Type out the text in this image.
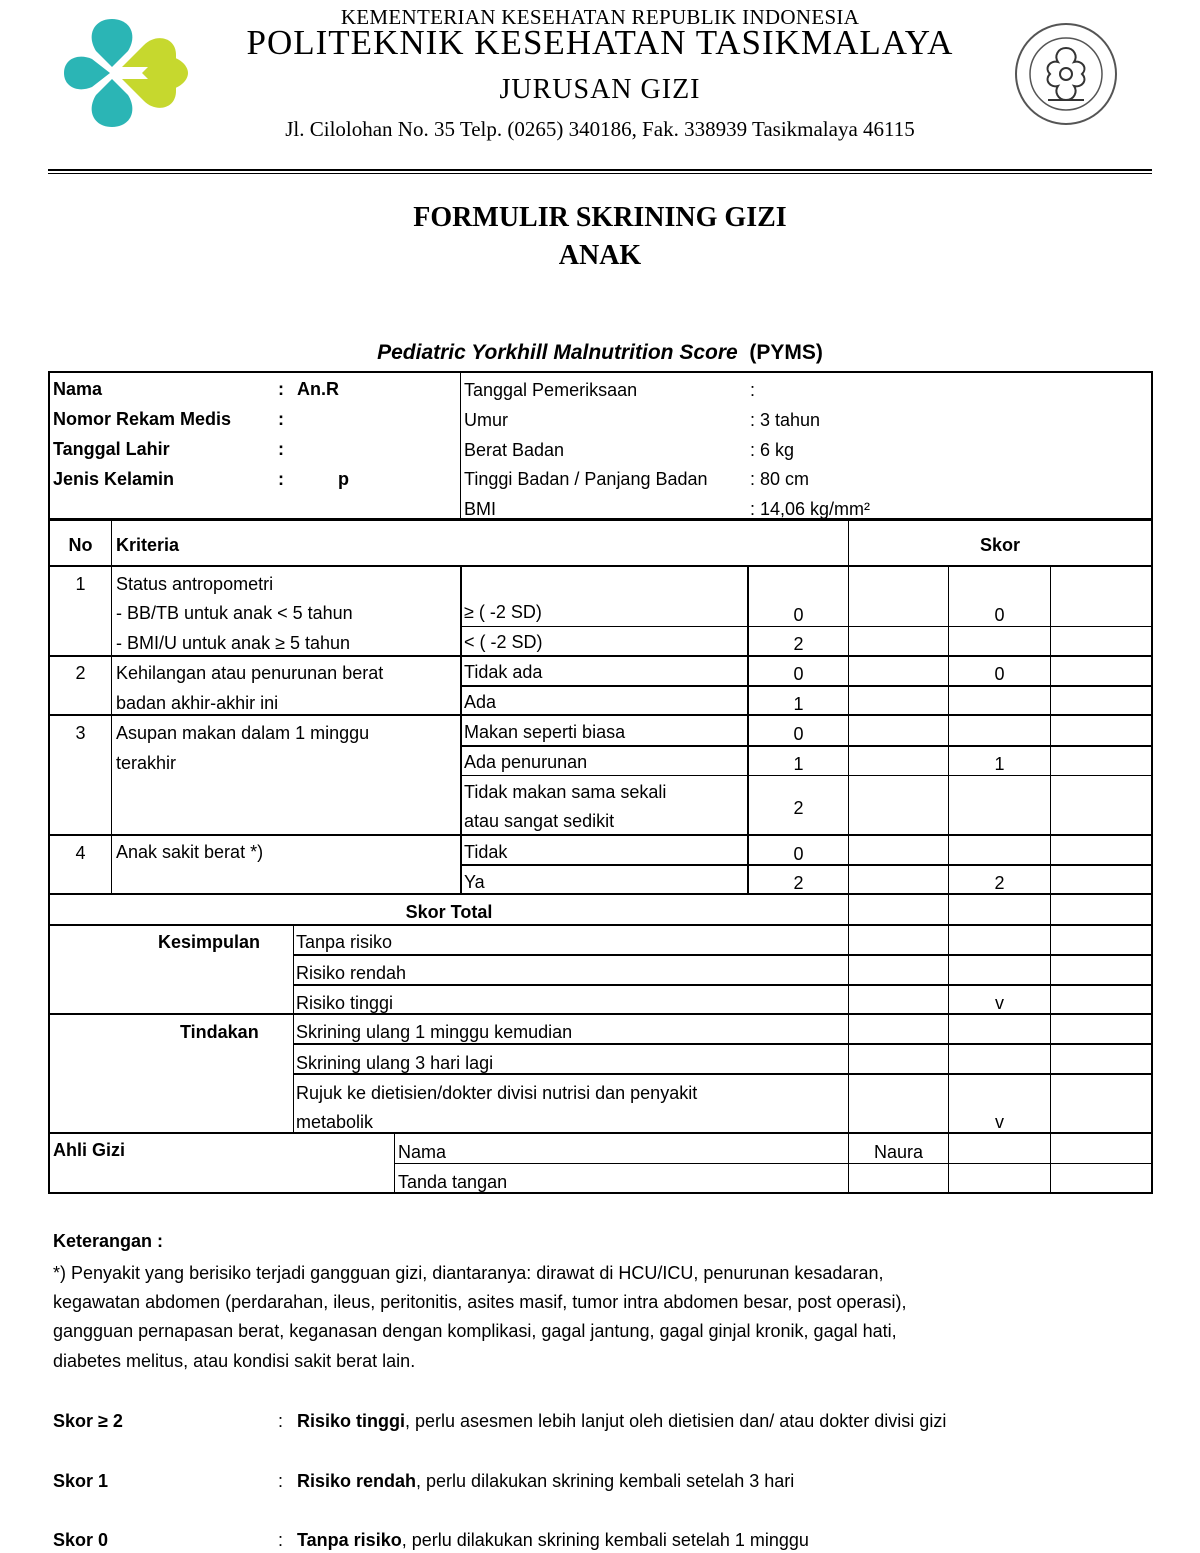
KEMENTERIAN KESEHATAN REPUBLIK INDONESIA
POLITEKNIK KESEHATAN TASIKMALAYA
JURUSAN GIZI
Jl. Cilolohan No. 35 Telp. (0265) 340186, Fak. 338939 Tasikmalaya 46115
FORMULIR SKRINING GIZI
ANAK
Pediatric Yorkhill Malnutrition Score (PYMS)
Nama	: An.R
Nomor Rekam Medis	:
Tanggal Lahir	:
Jenis Kelamin	:	p
Tanggal Pemeriksaan	:
Umur	: 3 tahun
Berat Badan	: 6 kg
Tinggi Badan / Panjang Badan : 80 cm
BMI	: 14,06 kg/mm²
No	Kriteria	Skor
1	Status antropometri
- BB/TB untuk anak < 5 tahun
- BMI/U untuk anak ≥ 5 tahun
≥ ( -2 SD)	0	0
< ( -2 SD)	2
2	Kehilangan atau penurunan berat
badan akhir-akhir ini
Tidak ada	0	0
Ada	1
3	Asupan makan dalam 1 minggu
terakhir
Makan seperti biasa	0
Ada penurunan	1	1
Tidak makan sama sekali
atau sangat sedikit
2
4	Anak sakit berat *)	Tidak	0
Ya	2	2
Skor Total
Kesimpulan Tanpa risiko
Risiko rendah
Risiko tinggi	v
Tindakan Skrining ulang 1 minggu kemudian
Skrining ulang 3 hari lagi
Rujuk ke dietisien/dokter divisi nutrisi dan penyakit
metabolik	v
Ahli Gizi	Nama	Naura
Tanda tangan
Keterangan :
*) Penyakit yang berisiko terjadi gangguan gizi, diantaranya: dirawat di HCU/ICU, penurunan kesadaran,
kegawatan abdomen (perdarahan, ileus, peritonitis, asites masif, tumor intra abdomen besar, post operasi),
gangguan pernapasan berat, keganasan dengan komplikasi, gagal jantung, gagal ginjal kronik, gagal hati,
diabetes melitus, atau kondisi sakit berat lain.
Skor ≥ 2	: Risiko tinggi, perlu asesmen lebih lanjut oleh dietisien dan/ atau dokter divisi gizi
Skor 1	: Risiko rendah, perlu dilakukan skrining kembali setelah 3 hari
Skor 0	: Tanpa risiko, perlu dilakukan skrining kembali setelah 1 minggu
